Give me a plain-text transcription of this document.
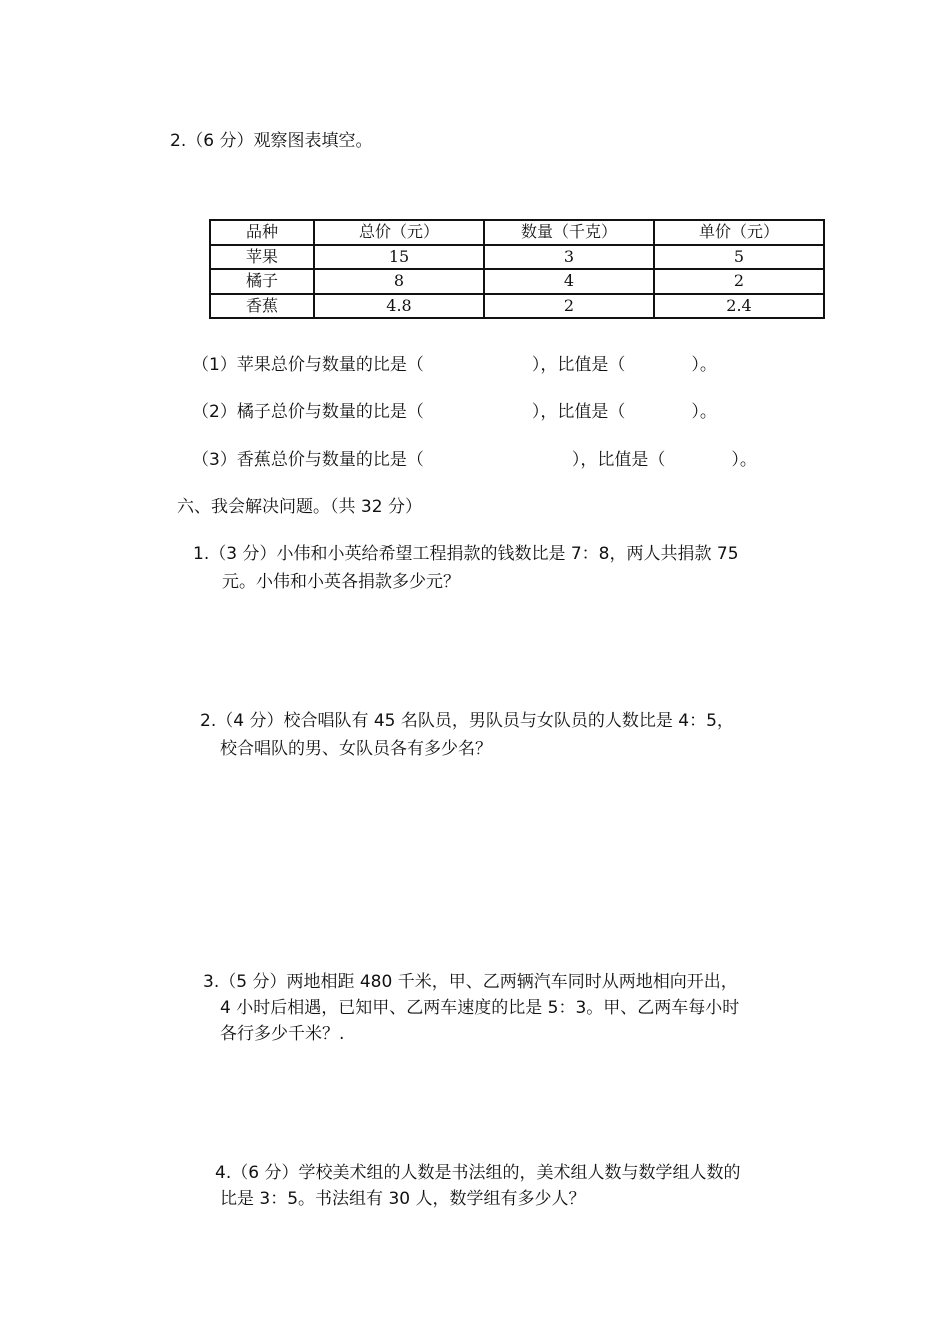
2.（6 分）观察图表填空。
品种	总价（元）	数量（千克）	单价（元）
苹果	15	3	5
橘子	8	4	2
香蕉	4.8	2	2.4
（1）苹果总价与数量的比是（	），比值是（	）。
（2）橘子总价与数量的比是（	），比值是（	）。
（3）香蕉总价与数量的比是（	），比值是（	）。
六、我会解决问题。（共 32 分）
1.（3 分）小伟和小英给希望工程捐款的钱数比是 7：8，两人共捐款 75
元。小伟和小英各捐款多少元？
2.（4 分）校合唱队有 45 名队员，男队员与女队员的人数比是 4：5，
校合唱队的男、女队员各有多少名？
3.（5 分）两地相距 480 千米，甲、乙两辆汽车同时从两地相向开出，
4 小时后相遇，已知甲、乙两车速度的比是 5：3。甲、乙两车每小时
各行多少千米？.
4.（6 分）学校美术组的人数是书法组的，美术组人数与数学组人数的
比是 3：5。书法组有 30 人，数学组有多少人？
